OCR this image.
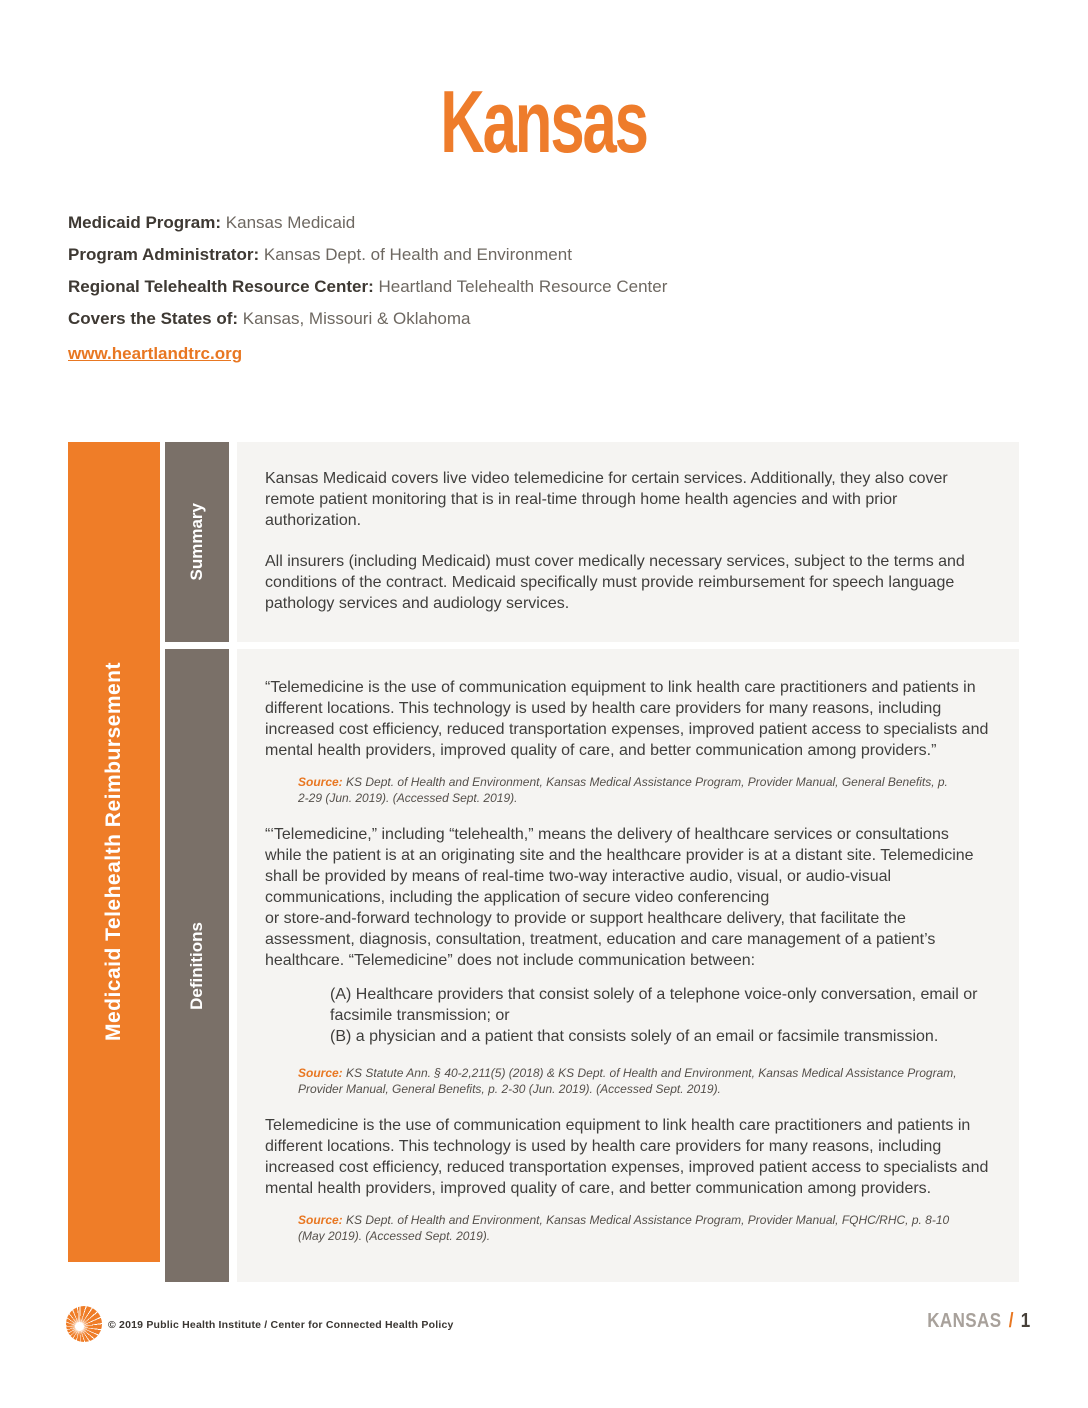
Kansas
Medicaid Program: Kansas Medicaid
Program Administrator: Kansas Dept. of Health and Environment
Regional Telehealth Resource Center: Heartland Telehealth Resource Center
Covers the States of: Kansas, Missouri & Oklahoma
www.heartlandtrc.org
Medicaid Telehealth Reimbursement
Summary
Kansas Medicaid covers live video telemedicine for certain services. Additionally, they also cover remote patient monitoring that is in real-time through home health agencies and with prior authorization.
All insurers (including Medicaid) must cover medically necessary services, subject to the terms and conditions of the contract. Medicaid specifically must provide reimbursement for speech language pathology services and audiology services.
Definitions
“Telemedicine is the use of communication equipment to link health care practitioners and patients in different locations. This technology is used by health care providers for many reasons, including increased cost efficiency, reduced transportation expenses, improved patient access to specialists and mental health providers, improved quality of care, and better communication among providers.”
Source: KS Dept. of Health and Environment, Kansas Medical Assistance Program, Provider Manual, General Benefits, p. 2-29 (Jun. 2019). (Accessed Sept. 2019).
“‘Telemedicine,” including “telehealth,” means the delivery of healthcare services or consultations while the patient is at an originating site and the healthcare provider is at a distant site. Telemedicine shall be provided by means of real-time two-way interactive audio, visual, or audio-visual communications, including the application of secure video conferencing
or store-and-forward technology to provide or support healthcare delivery, that facilitate the assessment, diagnosis, consultation, treatment, education and care management of a patient’s healthcare. “Telemedicine” does not include communication between:
(A) Healthcare providers that consist solely of a telephone voice-only conversation, email or facsimile transmission; or
(B) a physician and a patient that consists solely of an email or facsimile transmission.
Source: KS Statute Ann. § 40-2,211(5) (2018) & KS Dept. of Health and Environment, Kansas Medical Assistance Program, Provider Manual, General Benefits, p. 2-30 (Jun. 2019). (Accessed Sept. 2019).
Telemedicine is the use of communication equipment to link health care practitioners and patients in different locations. This technology is used by health care providers for many reasons, including increased cost efficiency, reduced transportation expenses, improved patient access to specialists and mental health providers, improved quality of care, and better communication among providers.
Source: KS Dept. of Health and Environment, Kansas Medical Assistance Program, Provider Manual, FQHC/RHC, p. 8-10 (May 2019). (Accessed Sept. 2019).
© 2019 Public Health Institute / Center for Connected Health Policy	KANSAS / 1
